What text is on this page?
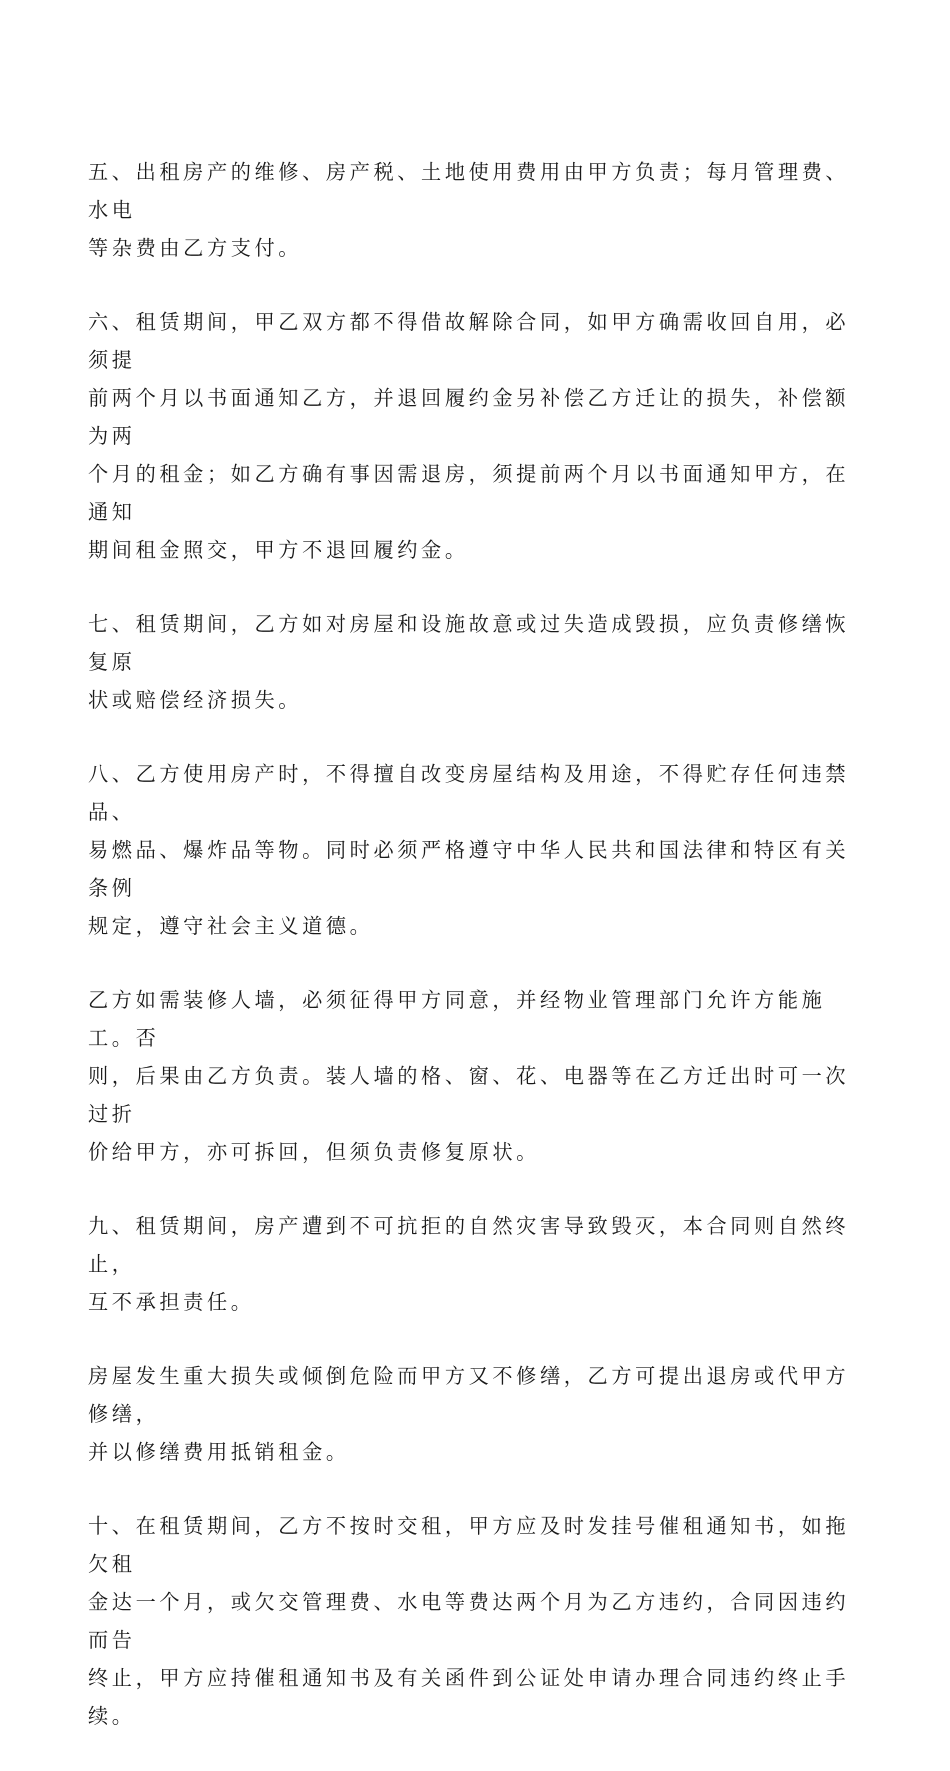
五、出租房产的维修、房产税、土地使用费用由甲方负责；每月管理费、水电
等杂费由乙方支付。

六、租赁期间，甲乙双方都不得借故解除合同，如甲方确需收回自用，必须提
前两个月以书面通知乙方，并退回履约金另补偿乙方迁让的损失，补偿额为两
个月的租金；如乙方确有事因需退房，须提前两个月以书面通知甲方，在通知
期间租金照交，甲方不退回履约金。

七、租赁期间，乙方如对房屋和设施故意或过失造成毁损，应负责修缮恢复原
状或赔偿经济损失。

八、乙方使用房产时，不得擅自改变房屋结构及用途，不得贮存任何违禁品、
易燃品、爆炸品等物。同时必须严格遵守中华人民共和国法律和特区有关条例
规定，遵守社会主义道德。

乙方如需装修人墙，必须征得甲方同意，并经物业管理部门允许方能施工。否
则，后果由乙方负责。装人墙的格、窗、花、电器等在乙方迁出时可一次过折
价给甲方，亦可拆回，但须负责修复原状。

九、租赁期间，房产遭到不可抗拒的自然灾害导致毁灭，本合同则自然终止，
互不承担责任。

房屋发生重大损失或倾倒危险而甲方又不修缮，乙方可提出退房或代甲方修缮，
并以修缮费用抵销租金。

十、在租赁期间，乙方不按时交租，甲方应及时发挂号催租通知书，如拖欠租
金达一个月，或欠交管理费、水电等费达两个月为乙方违约，合同因违约而告
终止，甲方应持催租通知书及有关函件到公证处申请办理合同违约终止手续。
